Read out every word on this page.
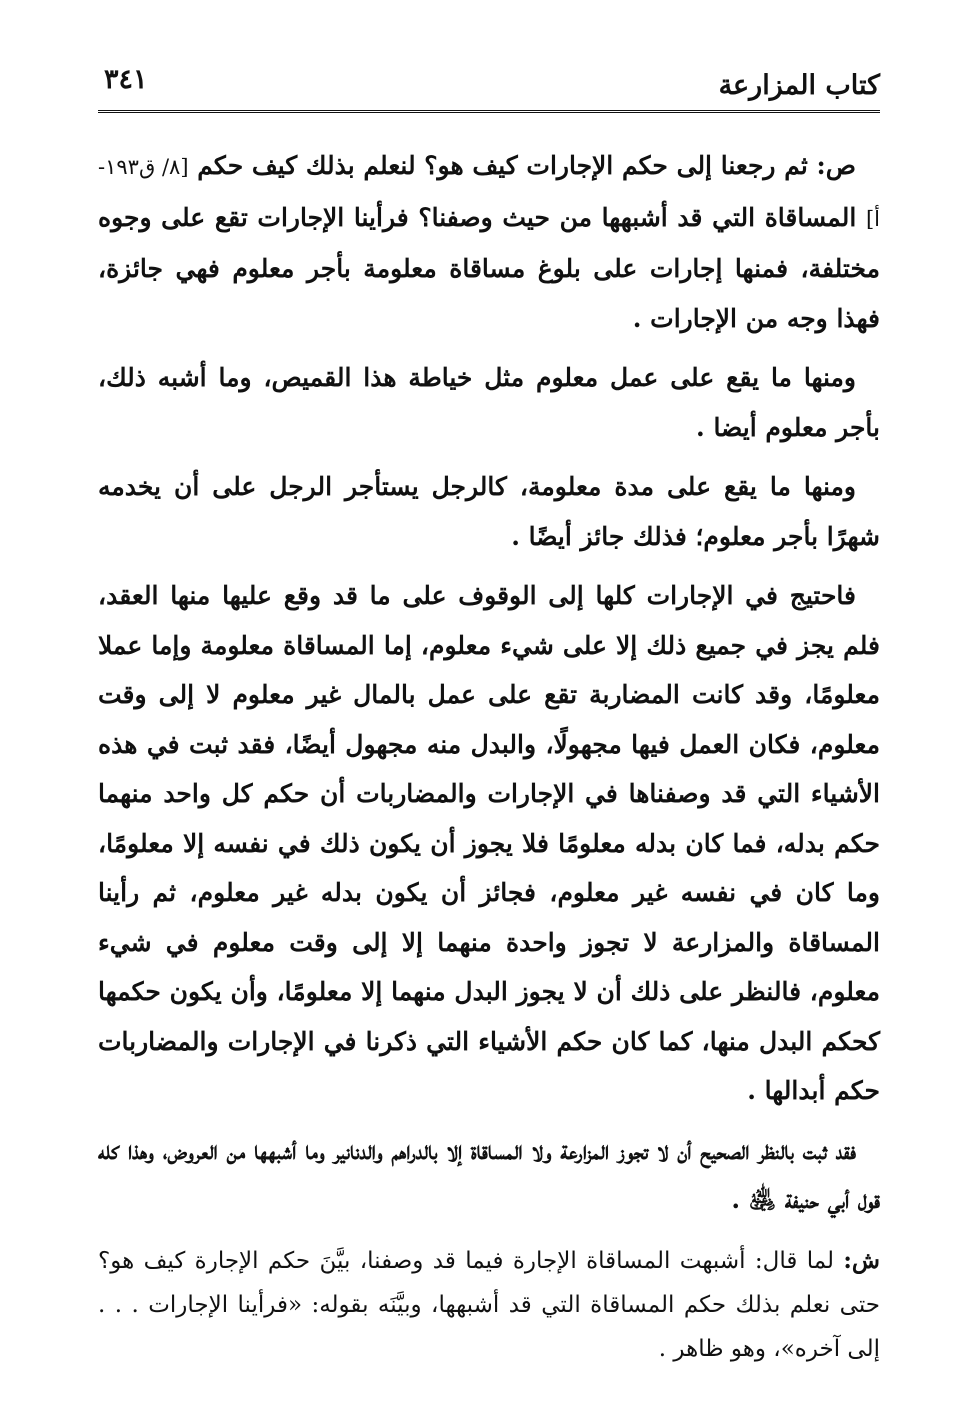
كتاب المزارعة
٣٤١

ص: ثم رجعنا إلى حكم الإجارات كيف هو؟ لنعلم بذلك كيف حكم [٨/ ق١٩٣-أ] المساقاة التي قد أشبهها من حيث وصفنا؟ فرأينا الإجارات تقع على وجوه مختلفة، فمنها إجارات على بلوغ مساقاة معلومة بأجر معلوم فهي جائزة، فهذا وجه من الإجارات .

ومنها ما يقع على عمل معلوم مثل خياطة هذا القميص، وما أشبه ذلك، بأجر معلوم أيضا .

ومنها ما يقع على مدة معلومة، كالرجل يستأجر الرجل على أن يخدمه شهرًا بأجر معلوم؛ فذلك جائز أيضًا .

فاحتيج في الإجارات كلها إلى الوقوف على ما قد وقع عليها منها العقد، فلم يجز في جميع ذلك إلا على شيء معلوم، إما المساقاة معلومة وإما عملا معلومًا، وقد كانت المضاربة تقع على عمل بالمال غير معلوم لا إلى وقت معلوم، فكان العمل فيها مجهولًا، والبدل منه مجهول أيضًا، فقد ثبت في هذه الأشياء التي قد وصفناها في الإجارات والمضاربات أن حكم كل واحد منهما حكم بدله، فما كان بدله معلومًا فلا يجوز أن يكون ذلك في نفسه إلا معلومًا، وما كان في نفسه غير معلوم، فجائز أن يكون بدله غير معلوم، ثم رأينا المساقاة والمزارعة لا تجوز واحدة منهما إلا إلى وقت معلوم في شيء معلوم، فالنظر على ذلك أن لا يجوز البدل منهما إلا معلومًا، وأن يكون حكمها كحكم البدل منها، كما كان حكم الأشياء التي ذكرنا في الإجارات والمضاربات حكم أبدالها .

فقد ثبت بالنظر الصحيح أن لا تجوز المزارعة ولا المساقاة إلا بالدراهم والدنانير وما أشبهها من العروض، وهذا كله قول أبي حنيفة ﵁ .

ش: لما قال: أشبهت المساقاة الإجارة فيما قد وصفنا، بيَّنَ حكم الإجارة كيف هو؟ حتى نعلم بذلك حكم المساقاة التي قد أشبهها، وبيَّنَه بقوله: «فرأينا الإجارات . . . إلى آخره»، وهو ظاهر .
